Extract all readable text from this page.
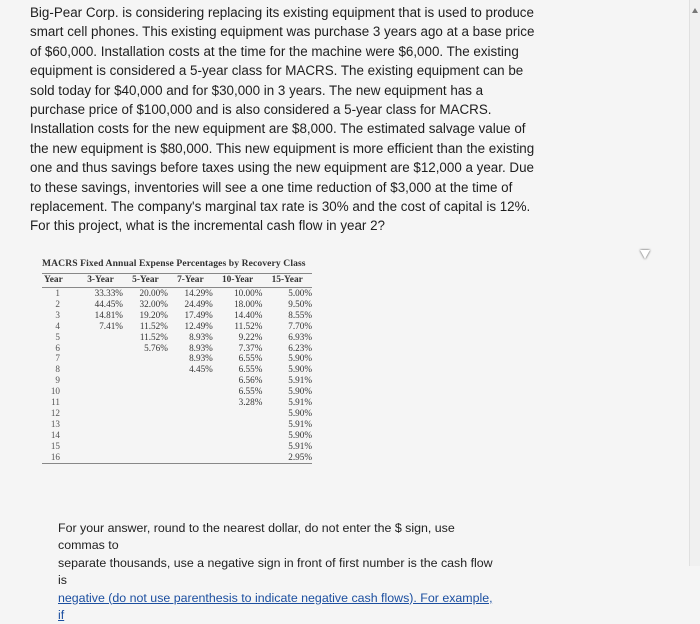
Big-Pear Corp. is considering replacing its existing equipment that is used to produce smart cell phones. This existing equipment was purchase 3 years ago at a base price of $60,000. Installation costs at the time for the machine were $6,000. The existing equipment is considered a 5-year class for MACRS. The existing equipment can be sold today for $40,000 and for $30,000 in 3 years. The new equipment has a purchase price of $100,000 and is also considered a 5-year class for MACRS. Installation costs for the new equipment are $8,000. The estimated salvage value of the new equipment is $80,000. This new equipment is more efficient than the existing one and thus savings before taxes using the new equipment are $12,000 a year. Due to these savings, inventories will see a one time reduction of $3,000 at the time of replacement. The company's marginal tax rate is 30% and the cost of capital is 12%. For this project, what is the incremental cash flow in year 2?
MACRS Fixed Annual Expense Percentages by Recovery Class
Year	3-Year	5-Year	7-Year	10-Year	15-Year
1	33.33%	20.00%	14.29%	10.00%	5.00%
2	44.45%	32.00%	24.49%	18.00%	9.50%
3	14.81%	19.20%	17.49%	14.40%	8.55%
4	7.41%	11.52%	12.49%	11.52%	7.70%
5		11.52%	8.93%	9.22%	6.93%
6		5.76%	8.93%	7.37%	6.23%
7			8.93%	6.55%	5.90%
8			4.45%	6.55%	5.90%
9				6.56%	5.91%
10				6.55%	5.90%
11				3.28%	5.91%
12					5.90%
13					5.91%
14					5.90%
15					5.91%
16					2.95%
For your answer, round to the nearest dollar, do not enter the $ sign, use commas to
separate thousands, use a negative sign in front of first number is the cash flow is
negative (do not use parenthesis to indicate negative cash flows). For example, if
